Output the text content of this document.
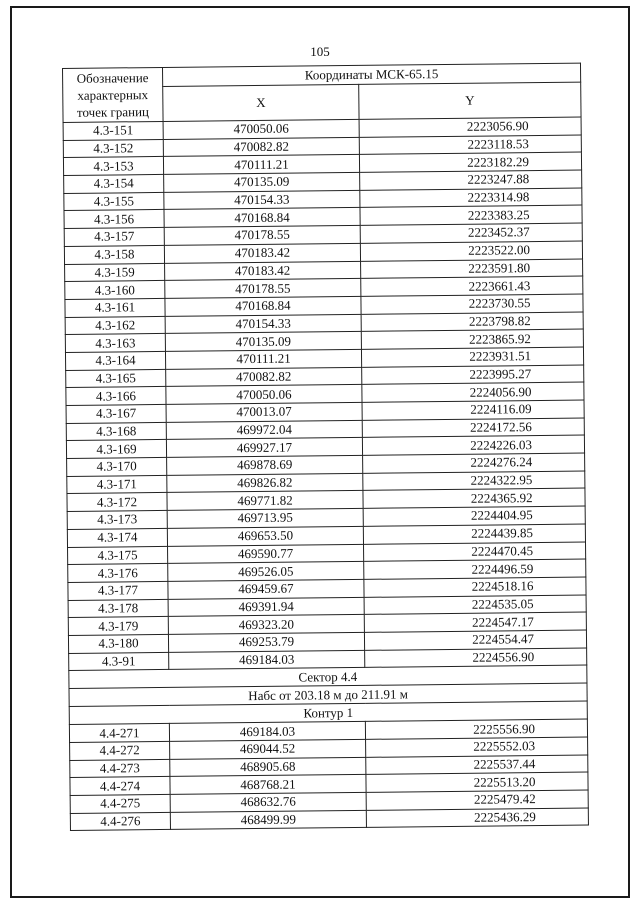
105
Обозначение характерных точек границ	Координаты МСК-65.15	
	X	Y
4.3-151	470050.06	2223056.90
4.3-152	470082.82	2223118.53
4.3-153	470111.21	2223182.29
4.3-154	470135.09	2223247.88
4.3-155	470154.33	2223314.98
4.3-156	470168.84	2223383.25
4.3-157	470178.55	2223452.37
4.3-158	470183.42	2223522.00
4.3-159	470183.42	2223591.80
4.3-160	470178.55	2223661.43
4.3-161	470168.84	2223730.55
4.3-162	470154.33	2223798.82
4.3-163	470135.09	2223865.92
4.3-164	470111.21	2223931.51
4.3-165	470082.82	2223995.27
4.3-166	470050.06	2224056.90
4.3-167	470013.07	2224116.09
4.3-168	469972.04	2224172.56
4.3-169	469927.17	2224226.03
4.3-170	469878.69	2224276.24
4.3-171	469826.82	2224322.95
4.3-172	469771.82	2224365.92
4.3-173	469713.95	2224404.95
4.3-174	469653.50	2224439.85
4.3-175	469590.77	2224470.45
4.3-176	469526.05	2224496.59
4.3-177	469459.67	2224518.16
4.3-178	469391.94	2224535.05
4.3-179	469323.20	2224547.17
4.3-180	469253.79	2224554.47
4.3-91	469184.03	2224556.90
Сектор 4.4		
Набс от 203.18 м до 211.91 м		
Контур 1		
4.4-271	469184.03	2225556.90
4.4-272	469044.52	2225552.03
4.4-273	468905.68	2225537.44
4.4-274	468768.21	2225513.20
4.4-275	468632.76	2225479.42
4.4-276	468499.99	2225436.29
